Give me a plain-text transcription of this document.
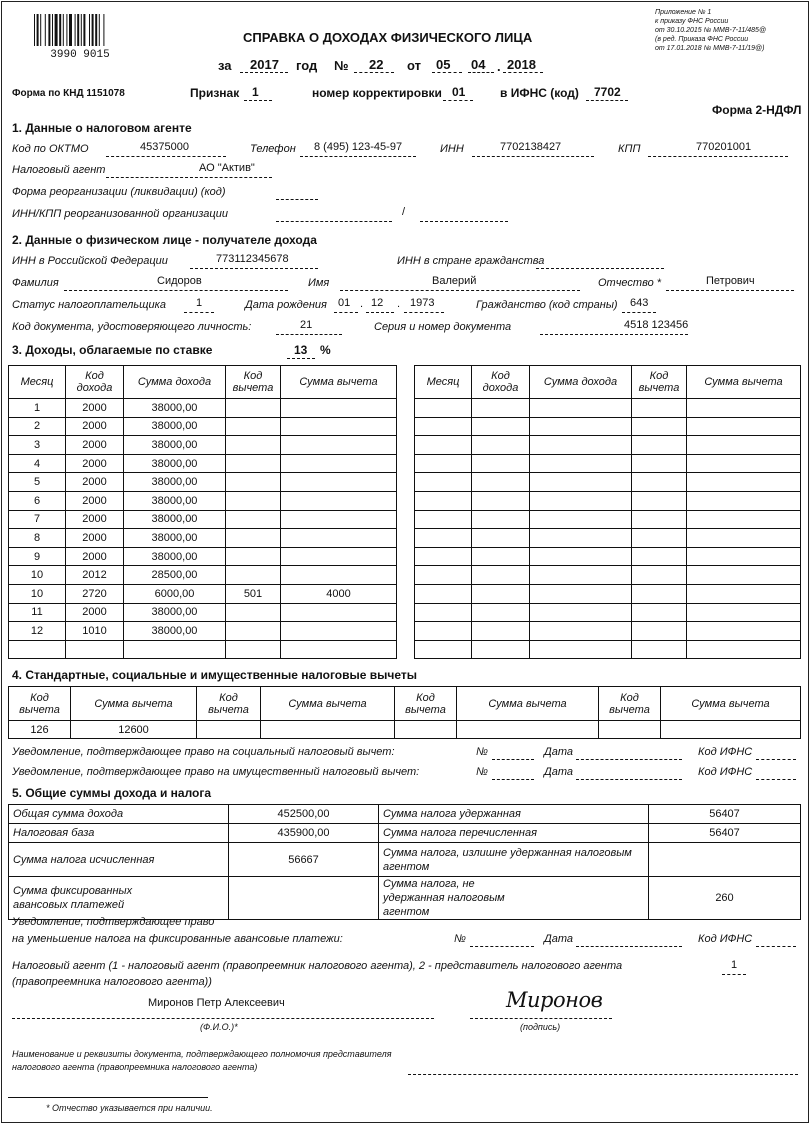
3990 9015
Приложение № 1
к приказу ФНС России
от 30.10.2015 № ММВ-7-11/485@
(в ред. Приказа ФНС России
от 17.01.2018 № ММВ-7-11/19@)
СПРАВКА О ДОХОДАХ ФИЗИЧЕСКОГО ЛИЦА
за 2017 год № 22 от 05 04 . 2018
Форма по КНД 1151078	Признак 1	номер корректировки 01	в ИФНС (код) 7702
Форма 2-НДФЛ
1. Данные о налоговом агенте
Код по ОКТМО	45375000	Телефон 8 (495) 123-45-97	ИНН	7702138427	КПП	770201001
Налоговый агент	АО "Актив"
Форма реорганизации (ликвидации) (код)
ИНН/КПП реорганизованной организации	/
2. Данные о физическом лице - получателе дохода
ИНН в Российской Федерации	773112345678	ИНН в стране гражданства
Фамилия	Сидоров	Имя	Валерий	Отчество *	Петрович
Статус налогоплательщика	1	Дата рождения 01 . 12 . 1973	Гражданство (код страны) 643
Код документа, удостоверяющего личность:	21	Серия и номер документа	4518 123456
3. Доходы, облагаемые по ставке	13 %
Месяц	Код дохода	Сумма дохода	Код вычета	Сумма вычета
1	2000	38000,00		
2	2000	38000,00		
3	2000	38000,00		
4	2000	38000,00		
5	2000	38000,00		
6	2000	38000,00		
7	2000	38000,00		
8	2000	38000,00		
9	2000	38000,00		
10	2012	28500,00		
10	2720	6000,00	501	4000
11	2000	38000,00		
12	1010	38000,00		

Месяц	Код дохода	Сумма дохода	Код вычета	Сумма вычета

4. Стандартные, социальные и имущественные налоговые вычеты
Код вычета	Сумма вычета	Код вычета	Сумма вычета	Код вычета	Сумма вычета	Код вычета	Сумма вычета
126	12600						
Уведомление, подтверждающее право на социальный налоговый вычет:	№	Дата	Код ИФНС
Уведомление, подтверждающее право на имущественный налоговый вычет:	№	Дата	Код ИФНС
5. Общие суммы дохода и налога
Общая сумма дохода	452500,00	Сумма налога удержанная	56407
Налоговая база	435900,00	Сумма налога перечисленная	56407
Сумма налога исчисленная	56667	Сумма налога, излишне удержанная налоговым агентом	
Сумма фиксированных авансовых платежей		Сумма налога, не удержанная налоговым агентом	260
Уведомление, подтверждающее право
на уменьшение налога на фиксированные авансовые платежи:	№	Дата	Код ИФНС
Налоговый агент (1 - налоговый агент (правопреемник налогового агента), 2 - представитель налогового агента
(правопреемника налогового агента))
1
Миронов Петр Алексеевич
(Ф.И.О.)*
Миронов
(подпись)
Наименование и реквизиты документа, подтверждающего полномочия представителя
налогового агента (правопреемника налогового агента)
* Отчество указывается при наличии.
